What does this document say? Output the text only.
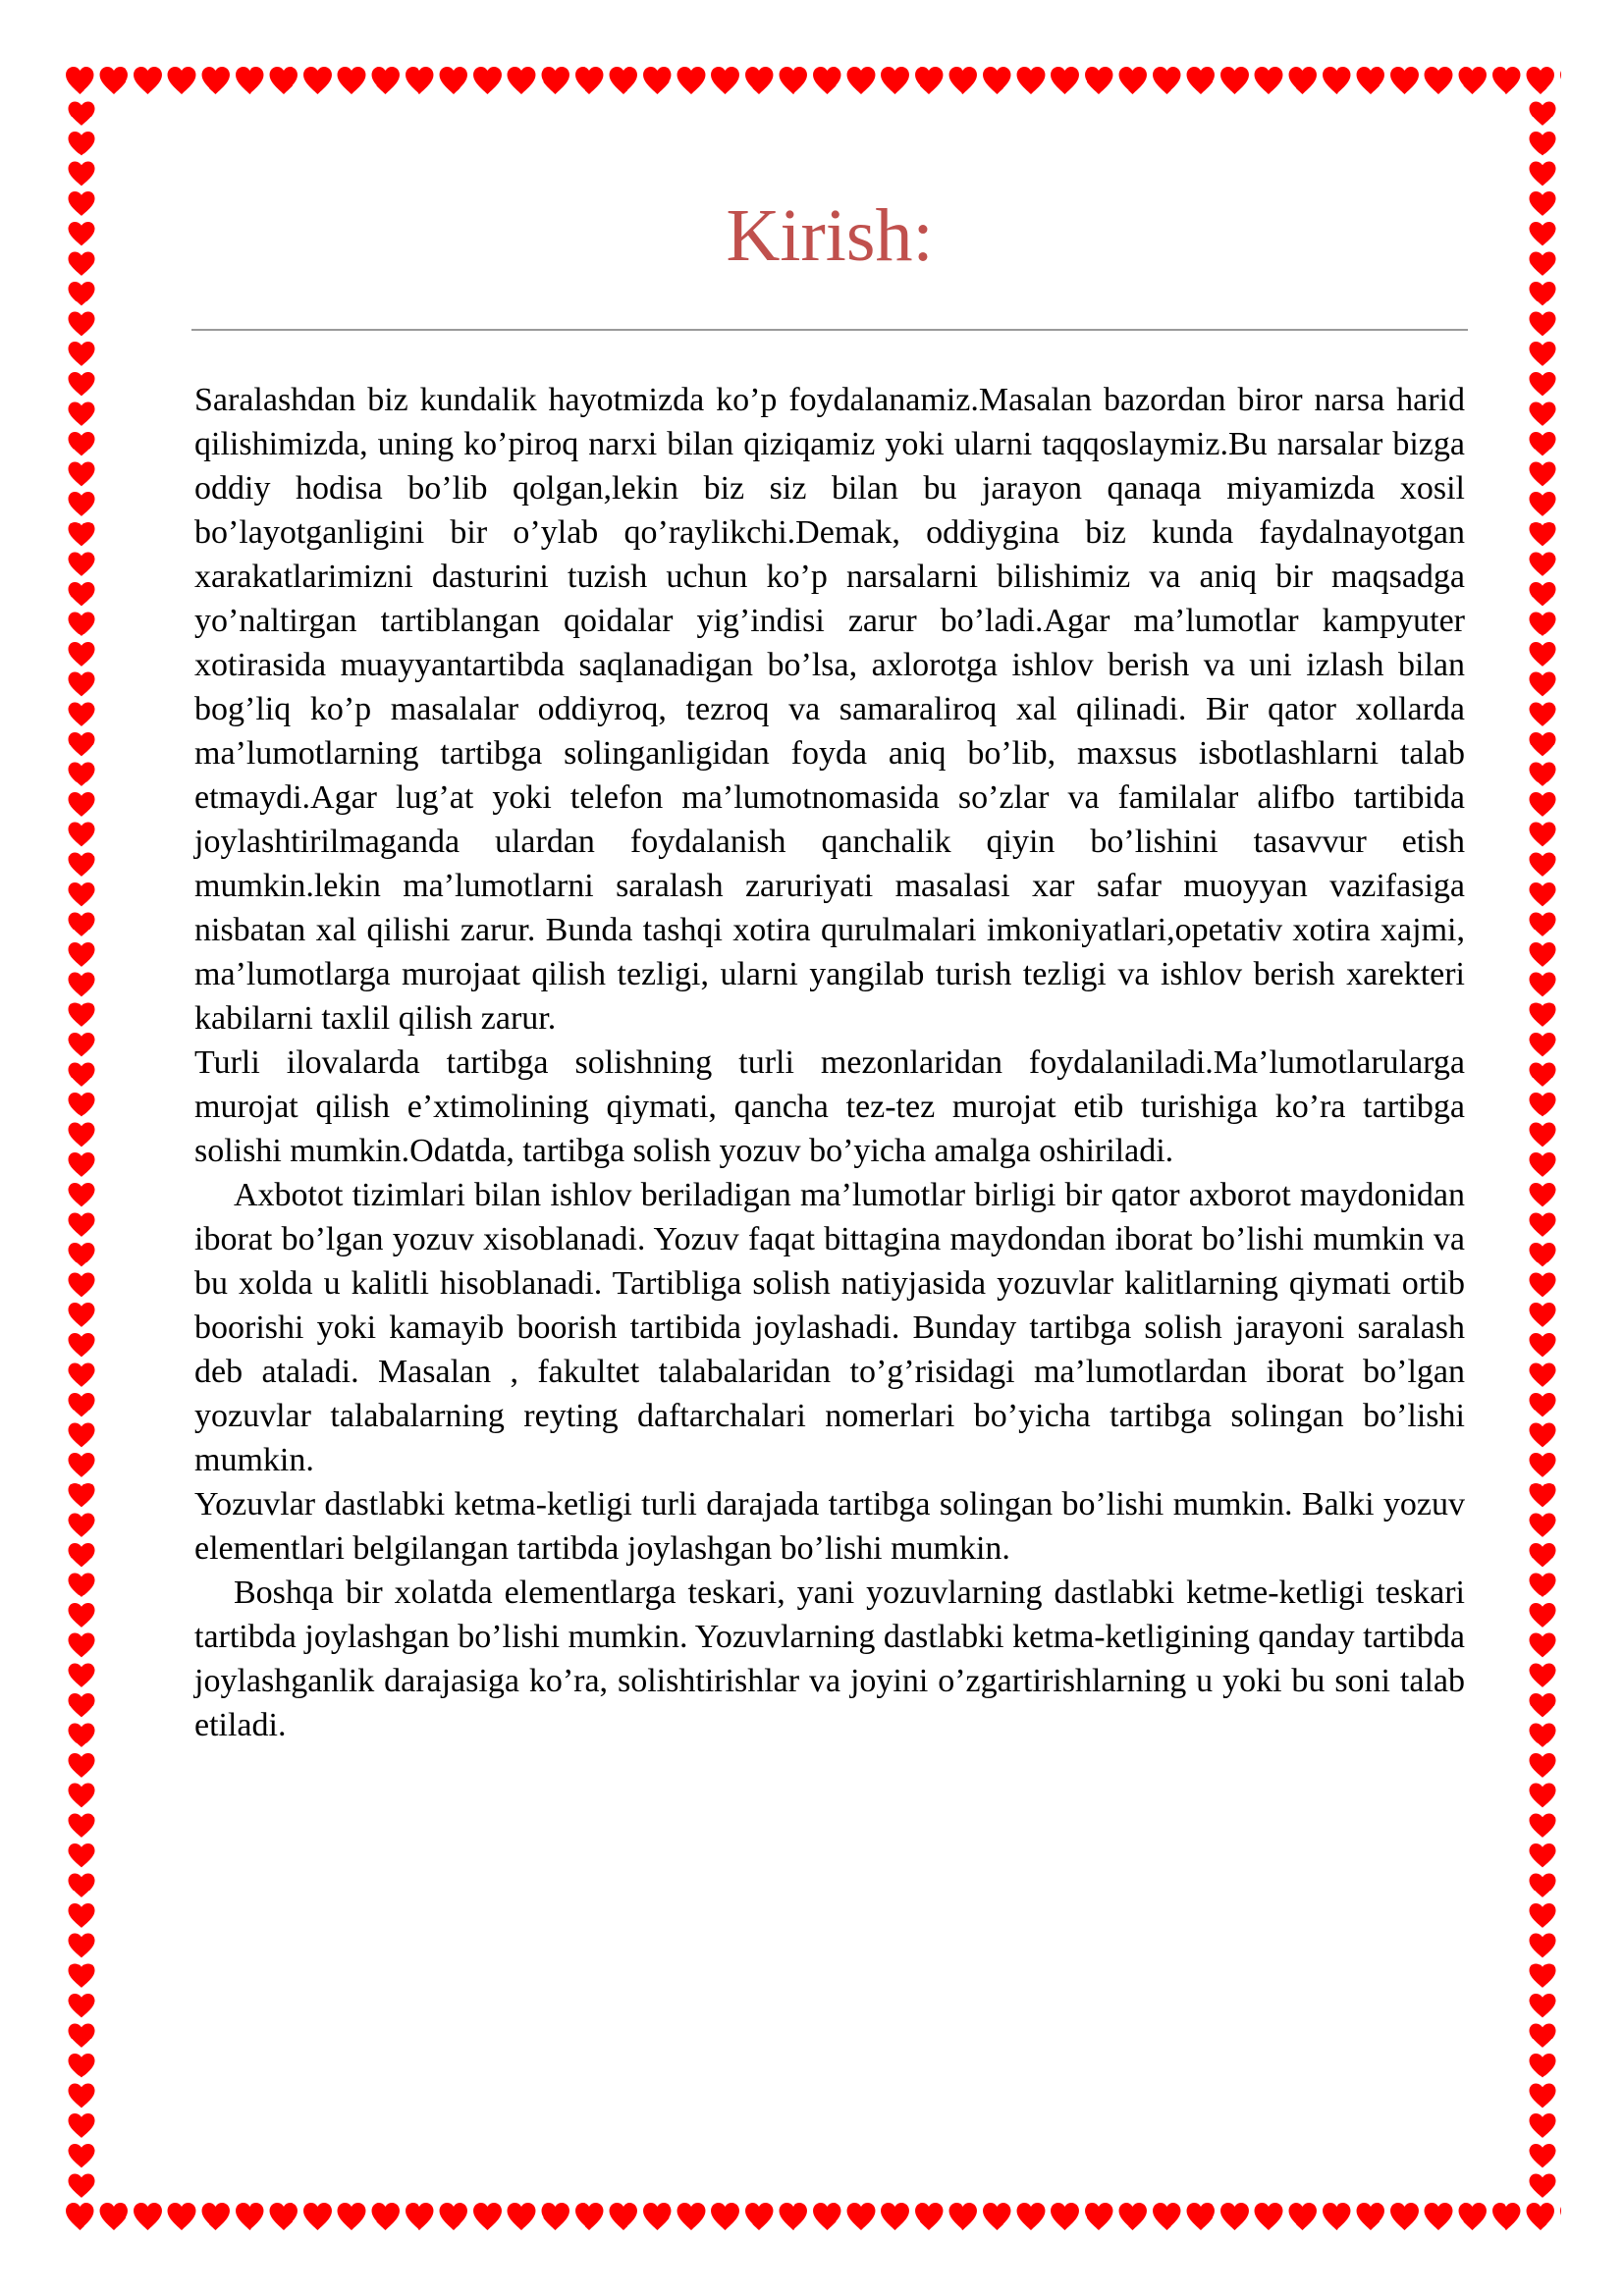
Kirish:

Saralashdan biz kundalik hayotmizda ko’p foydalanamiz.Masalan bazordan biror narsa harid qilishimizda, uning ko’piroq narxi bilan qiziqamiz yoki ularni taqqoslaymiz.Bu narsalar bizga oddiy hodisa bo’lib qolgan,lekin biz siz bilan bu jarayon qanaqa miyamizda xosil bo’layotganligini bir o’ylab qo’raylikchi.Demak, oddiygina biz kunda faydalnayotgan xarakatlarimizni dasturini tuzish uchun ko’p narsalarni bilishimiz va aniq bir maqsadga yo’naltirgan tartiblangan qoidalar yig’indisi zarur bo’ladi.Agar ma’lumotlar kampyuter xotirasida muayyantartibda saqlanadigan bo’lsa, axlorotga ishlov berish va uni izlash bilan bog’liq ko’p masalalar oddiyroq, tezroq va samaraliroq xal qilinadi. Bir qator xollarda ma’lumotlarning tartibga solinganligidan foyda aniq bo’lib, maxsus isbotlashlarni talab etmaydi.Agar lug’at yoki telefon ma’lumotnomasida so’zlar va familalar alifbo tartibida joylashtirilmaganda ulardan foydalanish qanchalik qiyin bo’lishini tasavvur etish mumkin.lekin ma’lumotlarni saralash zaruriyati masalasi xar safar muoyyan vazifasiga nisbatan xal qilishi zarur. Bunda tashqi xotira qurulmalari imkoniyatlari,opetativ xotira xajmi, ma’lumotlarga murojaat qilish tezligi, ularni yangilab turish tezligi va ishlov berish xarekteri kabilarni taxlil qilish zarur.

Turli ilovalarda tartibga solishning turli mezonlaridan foydalaniladi.Ma’lumotlarularga murojat qilish e’xtimolining qiymati, qancha tez-tez murojat etib turishiga ko’ra tartibga solishi mumkin.Odatda, tartibga solish yozuv bo’yicha amalga oshiriladi.

Axbotot tizimlari bilan ishlov beriladigan ma’lumotlar birligi bir qator axborot maydonidan iborat bo’lgan yozuv xisoblanadi. Yozuv faqat bittagina maydondan iborat bo’lishi mumkin va bu xolda u kalitli hisoblanadi. Tartibliga solish natiyjasida yozuvlar kalitlarning qiymati ortib boorishi yoki kamayib boorish tartibida joylashadi. Bunday tartibga solish jarayoni saralash deb ataladi. Masalan , fakultet talabalaridan to’g’risidagi ma’lumotlardan iborat bo’lgan yozuvlar talabalarning reyting daftarchalari nomerlari bo’yicha tartibga solingan bo’lishi mumkin.

Yozuvlar dastlabki ketma-ketligi turli darajada tartibga solingan bo’lishi mumkin. Balki yozuv elementlari belgilangan tartibda joylashgan bo’lishi mumkin.

Boshqa bir xolatda elementlarga teskari, yani yozuvlarning dastlabki ketme-ketligi teskari tartibda joylashgan bo’lishi mumkin. Yozuvlarning dastlabki ketma-ketligining qanday tartibda joylashganlik darajasiga ko’ra, solishtirishlar va joyini o’zgartirishlarning u yoki bu soni talab etiladi.
